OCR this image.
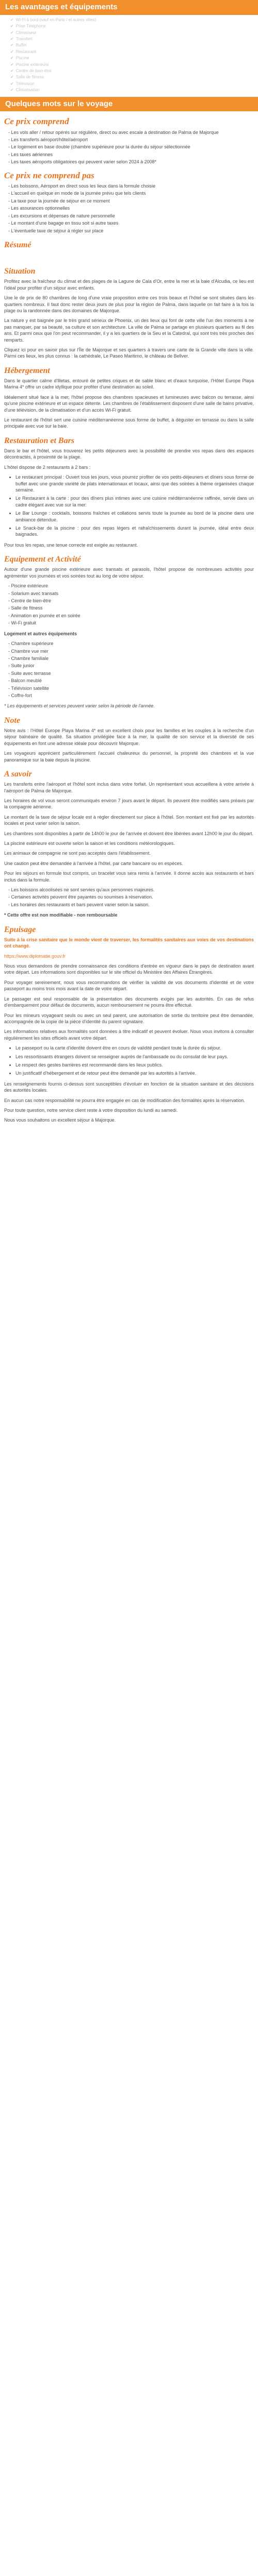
Les avantages et équipements
✔ Wi-Fi à bord (sauf en Paris / et autres villes)
✔ Prise Téléphone
✔ Climatiseur
✔ Transfert
✔ Buffet
✔ Restaurant
✔ Piscine
✔ Piscine extérieure
✔ Centre de bien-être
✔ Salle de fitness
✔ Télévision
✔ Climatisation
Quelques mots sur le voyage
Ce prix comprend
- Les vols aller / retour opérés sur régulière, direct ou avec escale à destination de Palma de Majorque
- Les transferts aéroport/hôtel/aéroport
- Le logement en base double (chambre supérieure pour la durée du séjour sélectionnée
- Les taxes aériennes
- Les taxes aéroports obligatoires qui peuvent varier selon 2024 à 2008*
Ce prix ne comprend pas
- Les boissons, Aéroport en direct sous les lieux dans la formule choisie
- L'accueil en quelque en mode de la journée prévu que tels clients
- La taxe pour la journée de séjour en ce moment
- Les assurances optionnelles
- Les excursions et dépenses de nature personnelle
- Le montant d'une bagage en tissu soit si autre taxes
- L'éventuelle taxe de séjour à régler sur place
Résumé
Situation

Profitez avec la fraîcheur du climat et des plages de la Lagune de Cala d'Or, entre la mer et la baie d'Alcudia, ce lieu est l'idéal pour profiter d'un séjour avec enfants.

Une le de prix de 80 chambres de long d'une vraie proposition entre ces trois beaux et l'hôtel se sont situées dans les quartiers nombreux. Il faut donc rester deux jours de plus pour la région de Palma, dans laquelle on fait faire à la fois la plage ou la randonnée dans des domaines de Majorque.

La nature y est baignée par le très grand sérieux de Phoenix, un des lieux qui font de cette ville l'un des moments à ne pas manquer, par sa beauté, sa culture et son architecture. La ville de Palma se partage en plusieurs quartiers au fil des ans. Et parmi ceux que l'on peut recommander, il y a les quartiers de la Seu et la Catedral, qui sont très très proches des remparts.

Cliquez ici pour en savoir plus sur l'Île de Majorque et ses quartiers à travers une carte de la Grande ville dans la ville. Parmi ces lieux, les plus connus : la cathédrale, Le Paseo Maritimo, le château de Bellver.

Hébergement

Dans le quartier calme d'Illetas, entouré de petites criques et de sable blanc et d'eaux turquoise, l'Hôtel Europe Playa Marina 4* offre un cadre idyllique pour profiter d'une destination au soleil.

Idéalement situé face à la mer, l'hôtel propose des chambres spacieuses et lumineuses avec balcon ou terrasse, ainsi qu'une piscine extérieure et un espace détente. Les chambres de l'établissement disposent d'une salle de bains privative, d'une télévision, de la climatisation et d'un accès Wi-Fi gratuit.

Le restaurant de l'hôtel sert une cuisine méditerranéenne sous forme de buffet, à déguster en terrasse ou dans la salle principale avec vue sur la baie.

Restauration et Bars

Dans le bar et l'hôtel, vous trouverez les petits déjeuners avec la possibilité de prendre vos repas dans des espaces décontractés, à proximité de la plage.

L'hôtel dispose de 2 restaurants à 2 bars :

• Le restaurant principal : Ouvert tous les jours, vous pourrez profiter de vos petits-déjeuners et dîners sous forme de buffet avec une grande variété de plats internationaux et locaux, ainsi que des soirées à thème organisées chaque semaine.
• Le Restaurant à la carte : pour des dîners plus intimes avec une cuisine méditerranéenne raffinée, servie dans un cadre élégant avec vue sur la mer.
• Le Bar Lounge : cocktails, boissons fraîches et collations servis toute la journée au bord de la piscine dans une ambiance détendue.
• Le Snack-bar de la piscine : pour des repas légers et rafraîchissements durant la journée, idéal entre deux baignades.

Pour tous les repas, une tenue correcte est exigée au restaurant.

Equipement et Activité

Autour d'une grande piscine extérieure avec transats et parasols, l'hôtel propose de nombreuses activités pour agrémenter vos journées et vos soirées tout au long de votre séjour.

- Piscine extérieure
- Solarium avec transats
- Centre de bien-être
- Salle de fitness
- Animation en journée et en soirée
- Wi-Fi gratuit

Logement et autres équipements

- Chambre supérieure
- Chambre vue mer
- Chambre familiale
- Suite junior
- Suite avec terrasse
- Balcon meublé
- Télévision satellite
- Coffre-fort

* Les équipements et services peuvent varier selon la période de l'année.

Note

Notre avis : l'Hôtel Europe Playa Marina 4* est un excellent choix pour les familles et les couples à la recherche d'un séjour balnéaire de qualité. Sa situation privilégiée face à la mer, la qualité de son service et la diversité de ses équipements en font une adresse idéale pour découvrir Majorque.

Les voyageurs apprécient particulièrement l'accueil chaleureux du personnel, la propreté des chambres et la vue panoramique sur la baie depuis la piscine.

A savoir

Les transferts entre l'aéroport et l'hôtel sont inclus dans votre forfait. Un représentant vous accueillera à votre arrivée à l'aéroport de Palma de Majorque.

Les horaires de vol vous seront communiqués environ 7 jours avant le départ. Ils peuvent être modifiés sans préavis par la compagnie aérienne.

Le montant de la taxe de séjour locale est à régler directement sur place à l'hôtel. Son montant est fixé par les autorités locales et peut varier selon la saison.

Les chambres sont disponibles à partir de 14h00 le jour de l'arrivée et doivent être libérées avant 12h00 le jour du départ.

La piscine extérieure est ouverte selon la saison et les conditions météorologiques.

Les animaux de compagnie ne sont pas acceptés dans l'établissement.

Une caution peut être demandée à l'arrivée à l'hôtel, par carte bancaire ou en espèces.

Pour les séjours en formule tout compris, un bracelet vous sera remis à l'arrivée. Il donne accès aux restaurants et bars inclus dans la formule.

- Les boissons alcoolisées ne sont servies qu'aux personnes majeures.
- Certaines activités peuvent être payantes ou soumises à réservation.
- Les horaires des restaurants et bars peuvent varier selon la saison.

* Cette offre est non modifiable - non remboursable

Epuisage

Suite à la crise sanitaire que le monde vient de traverser, les formalités sanitaires aux voies de vos destinations ont changé.

https://www.diplomatie.gouv.fr

Nous vous demandons de prendre connaissance des conditions d'entrée en vigueur dans le pays de destination avant votre départ. Les informations sont disponibles sur le site officiel du Ministère des Affaires Étrangères.

Pour voyager sereinement, nous vous recommandons de vérifier la validité de vos documents d'identité et de votre passeport au moins trois mois avant la date de votre départ.

Le passager est seul responsable de la présentation des documents exigés par les autorités. En cas de refus d'embarquement pour défaut de documents, aucun remboursement ne pourra être effectué.

Pour les mineurs voyageant seuls ou avec un seul parent, une autorisation de sortie du territoire peut être demandée, accompagnée de la copie de la pièce d'identité du parent signataire.

Les informations relatives aux formalités sont données à titre indicatif et peuvent évoluer. Nous vous invitons à consulter régulièrement les sites officiels avant votre départ.

• Le passeport ou la carte d'identité doivent être en cours de validité pendant toute la durée du séjour.
• Les ressortissants étrangers doivent se renseigner auprès de l'ambassade ou du consulat de leur pays.
• Le respect des gestes barrières est recommandé dans les lieux publics.
• Un justificatif d'hébergement et de retour peut être demandé par les autorités à l'arrivée.

Les renseignements fournis ci-dessus sont susceptibles d'évoluer en fonction de la situation sanitaire et des décisions des autorités locales.

En aucun cas notre responsabilité ne pourra être engagée en cas de modification des formalités après la réservation.

Pour toute question, notre service client reste à votre disposition du lundi au samedi.

Nous vous souhaitons un excellent séjour à Majorque.
